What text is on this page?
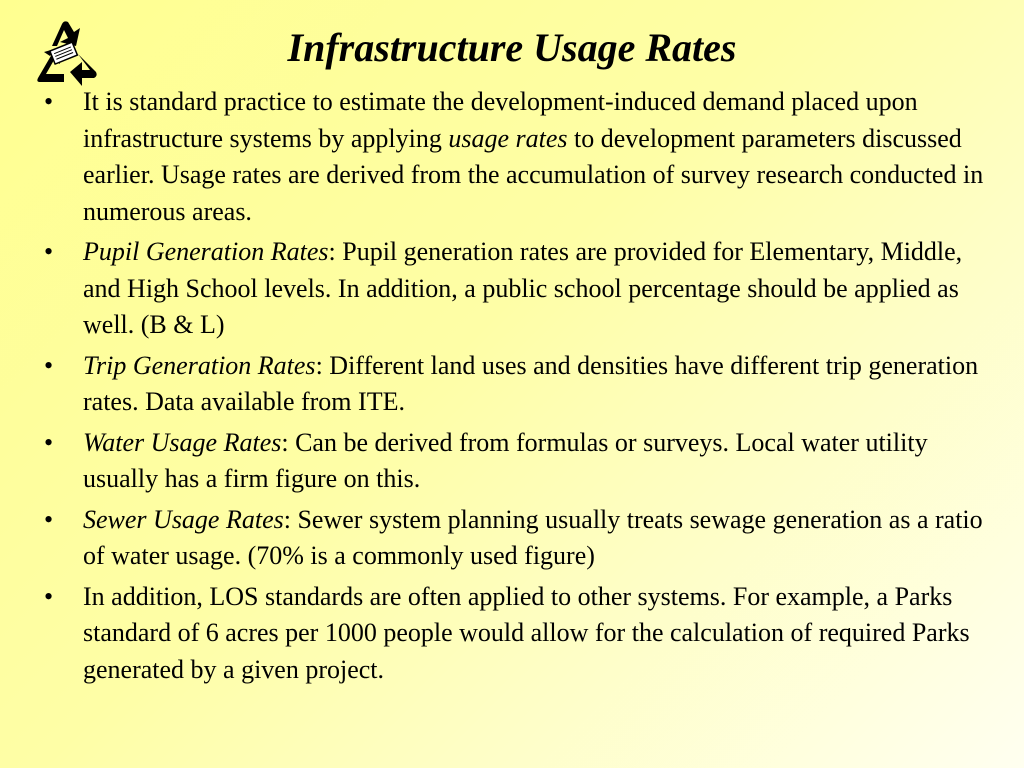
Infrastructure Usage Rates
•	It is standard practice to estimate the development-induced demand placed upon infrastructure systems by applying usage rates to development parameters discussed earlier. Usage rates are derived from the accumulation of survey research conducted in numerous areas.
•	Pupil Generation Rates: Pupil generation rates are provided for Elementary, Middle, and High School levels. In addition, a public school percentage should be applied as well. (B & L)
•	Trip Generation Rates: Different land uses and densities have different trip generation rates. Data available from ITE.
•	Water Usage Rates: Can be derived from formulas or surveys. Local water utility usually has a firm figure on this.
•	Sewer Usage Rates: Sewer system planning usually treats sewage generation as a ratio of water usage. (70% is a commonly used figure)
•	In addition, LOS standards are often applied to other systems. For example, a Parks standard of 6 acres per 1000 people would allow for the calculation of required Parks generated by a given project.
